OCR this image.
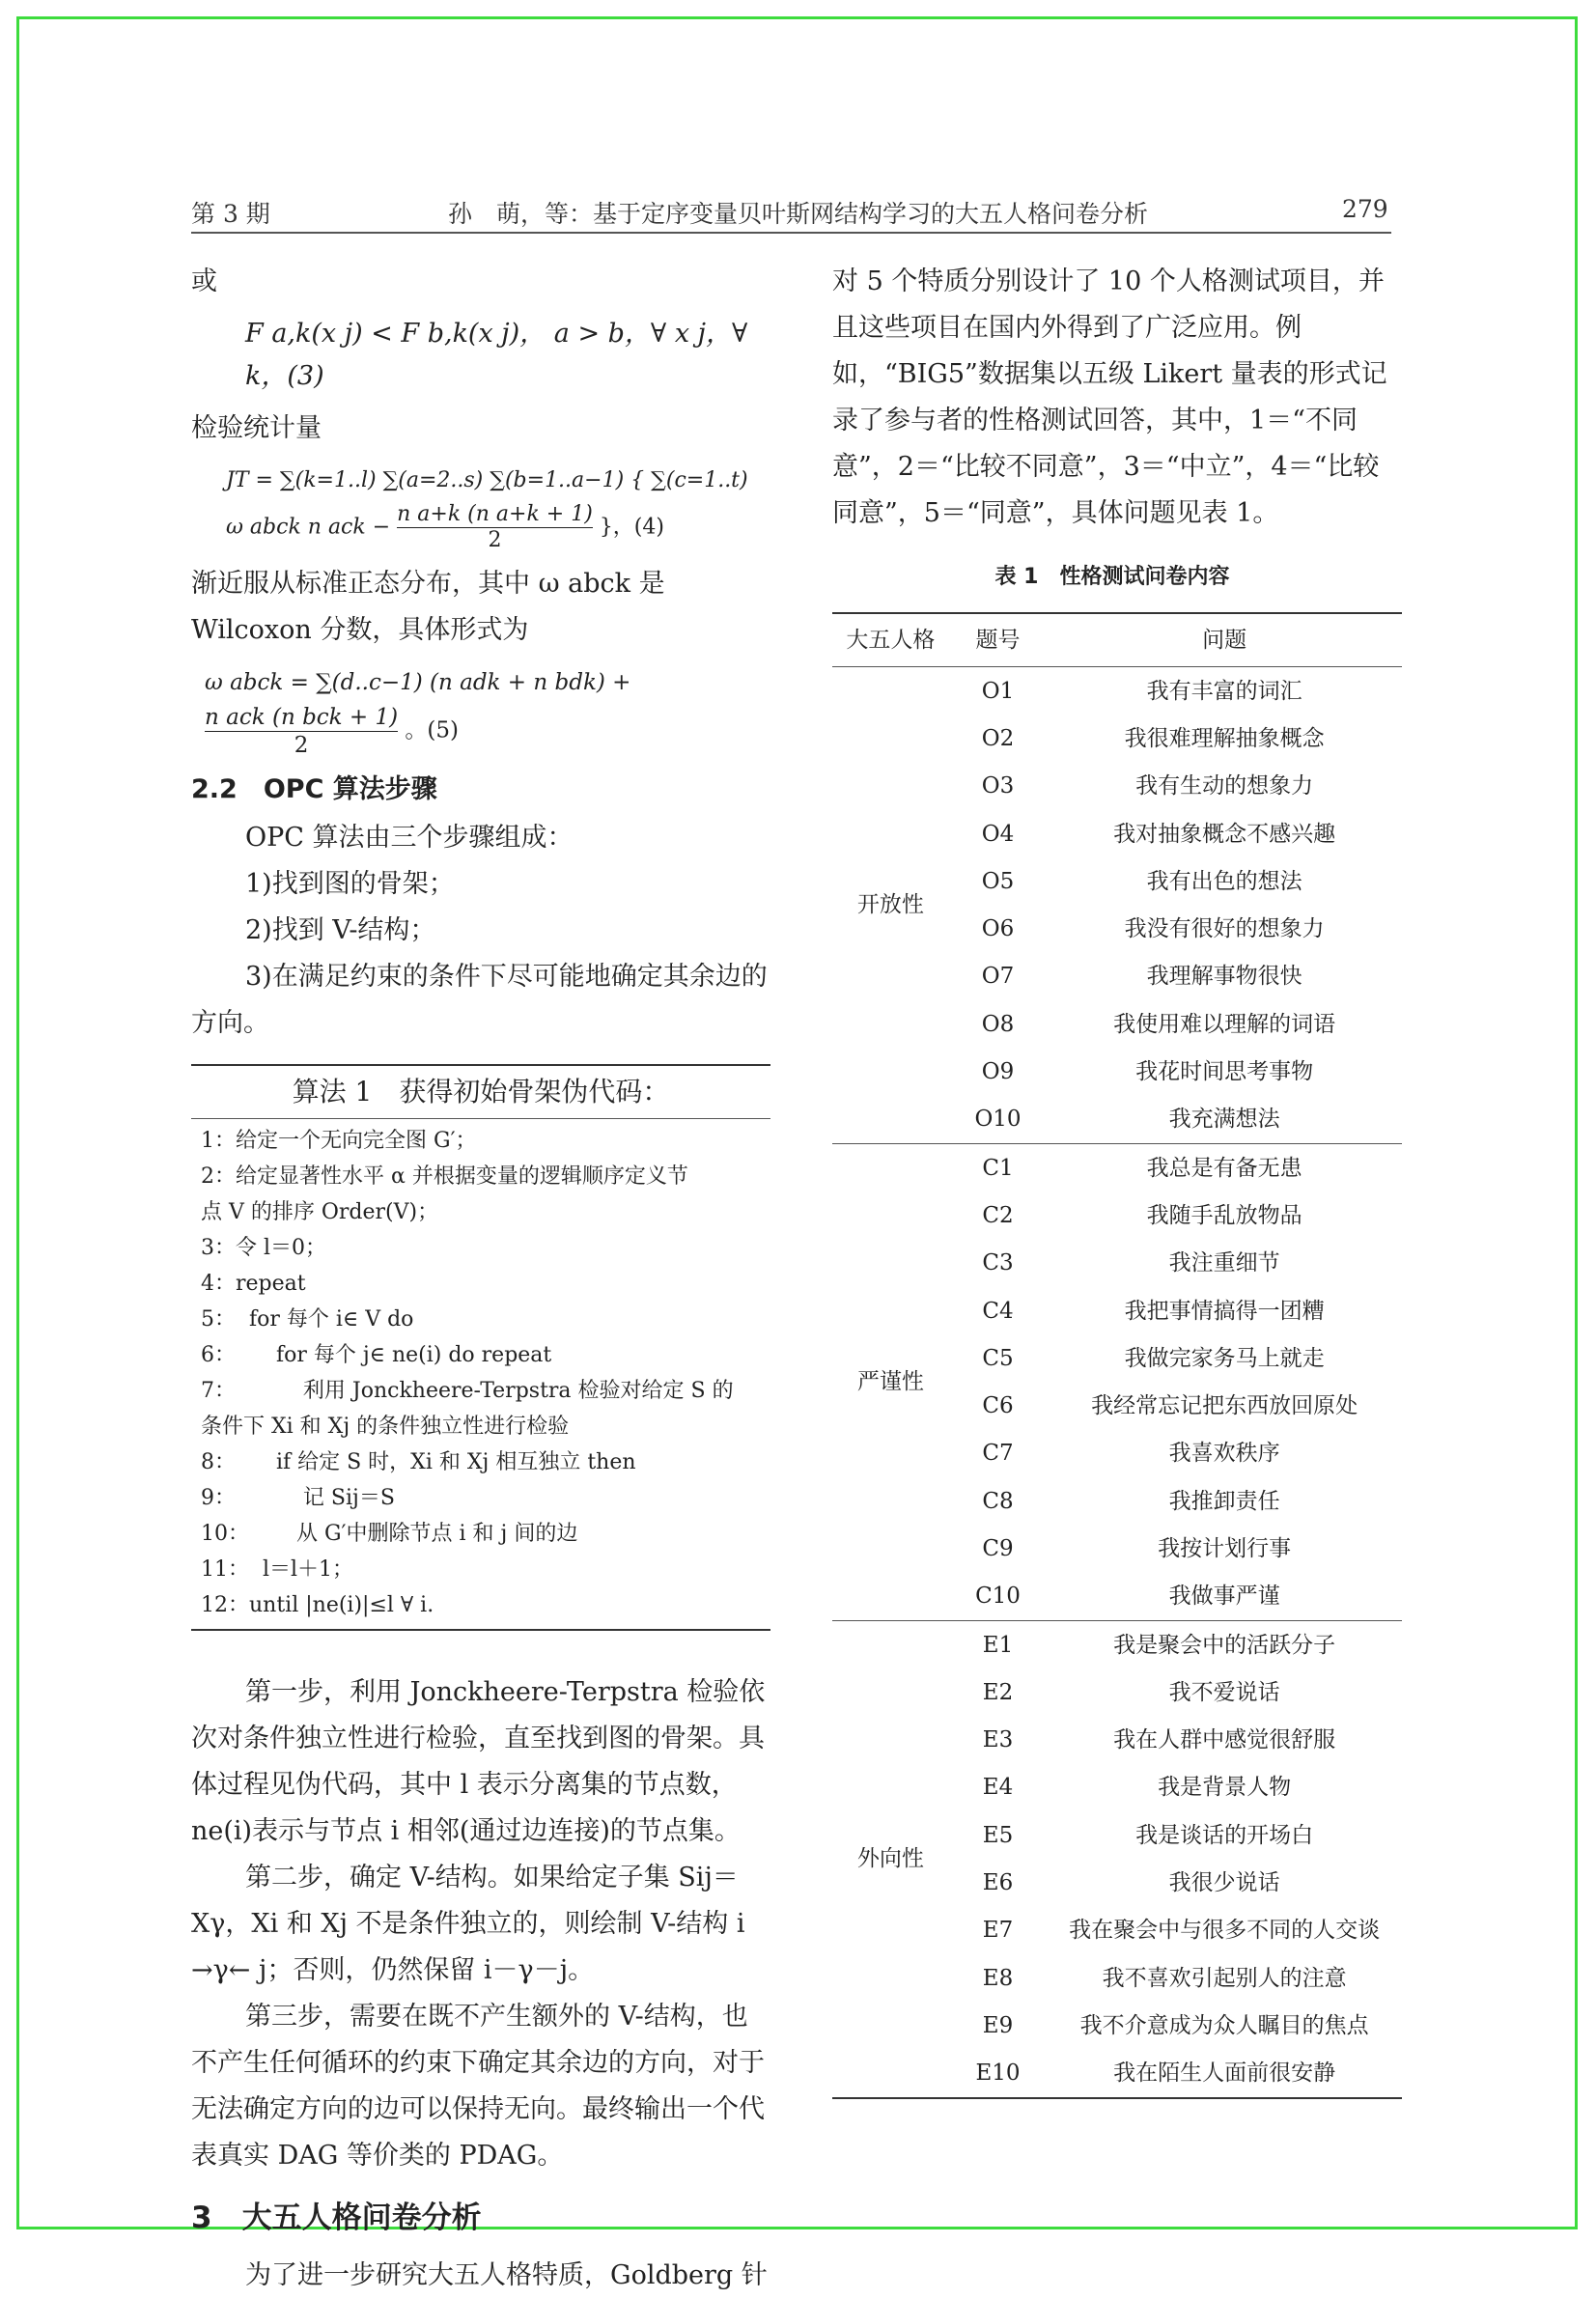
第 3 期	孙　萌，等：基于定序变量贝叶斯网结构学习的大五人格问卷分析	279

或

F a,k(x j) < F b,k(x j)， a > b，∀ x j，∀ k，(3)

检验统计量

JT = ∑(k=1..l) ∑(a=2..s) ∑(b=1..a−1) { ∑(c=1..t) ω abck n ack − $\frac{\text{n a+k (n a+k + 1)}}{2}$ }，(4)

渐近服从标准正态分布，其中 ω abck 是 Wilcoxon 分数，具体形式为

ω abck = ∑(d..c−1) (n adk + n bdk) +
n ack (n bck + 1)
2
。(5)

2.2　OPC 算法步骤

OPC 算法由三个步骤组成：

1)找到图的骨架；

2)找到 V-结构；

3)在满足约束的条件下尽可能地确定其余边的方向。

算法 1　获得初始骨架伪代码：

1：给定一个无向完全图 G′；

2：给定显著性水平 α 并根据变量的逻辑顺序定义节

点 V 的排序 Order(V)；

3：令 l＝0；

4：repeat

5：  for 每个 i∈ V do

6：      for 每个 j∈ ne(i) do repeat

7：          利用 Jonckheere-Terpstra 检验对给定 S 的

条件下 Xi 和 Xj 的条件独立性进行检验

8：      if 给定 S 时，Xi 和 Xj 相互独立 then

9：          记 Sij＝S

10：       从 G′中删除节点 i 和 j 间的边

11：  l＝l＋1；

12：until |ne(i)|≤l ∀ i.

第一步，利用 Jonckheere-Terpstra 检验依次对条件独立性进行检验，直至找到图的骨架。具体过程见伪代码，其中 l 表示分离集的节点数，ne(i)表示与节点 i 相邻(通过边连接)的节点集。

第二步，确定 V-结构。如果给定子集 Sij＝Xγ，Xi 和 Xj 不是条件独立的，则绘制 V-结构 i →γ← j；否则，仍然保留 i－γ－j。

第三步，需要在既不产生额外的 V-结构，也不产生任何循环的约束下确定其余边的方向，对于无法确定方向的边可以保持无向。最终输出一个代表真实 DAG 等价类的 PDAG。

3　大五人格问卷分析

为了进一步研究大五人格特质，Goldberg 针

对 5 个特质分别设计了 10 个人格测试项目，并且这些项目在国内外得到了广泛应用。例如，“BIG5”数据集以五级 Likert 量表的形式记录了参与者的性格测试回答，其中，1＝“不同意”，2＝“比较不同意”，3＝“中立”，4＝“比较同意”，5＝“同意”，具体问题见表 1。

表 1　性格测试问卷内容
大五人格	题号	问题
开放性	O1	我有丰富的词汇
	O2	我很难理解抽象概念
	O3	我有生动的想象力
	O4	我对抽象概念不感兴趣
	O5	我有出色的想法
	O6	我没有很好的想象力
	O7	我理解事物很快
	O8	我使用难以理解的词语
	O9	我花时间思考事物
	O10	我充满想法
严谨性	C1	我总是有备无患
	C2	我随手乱放物品
	C3	我注重细节
	C4	我把事情搞得一团糟
	C5	我做完家务马上就走
	C6	我经常忘记把东西放回原处
	C7	我喜欢秩序
	C8	我推卸责任
	C9	我按计划行事
	C10	我做事严谨
外向性	E1	我是聚会中的活跃分子
	E2	我不爱说话
	E3	我在人群中感觉很舒服
	E4	我是背景人物
	E5	我是谈话的开场白
	E6	我很少说话
	E7	我在聚会中与很多不同的人交谈
	E8	我不喜欢引起别人的注意
	E9	我不介意成为众人瞩目的焦点
	E10	我在陌生人面前很安静
